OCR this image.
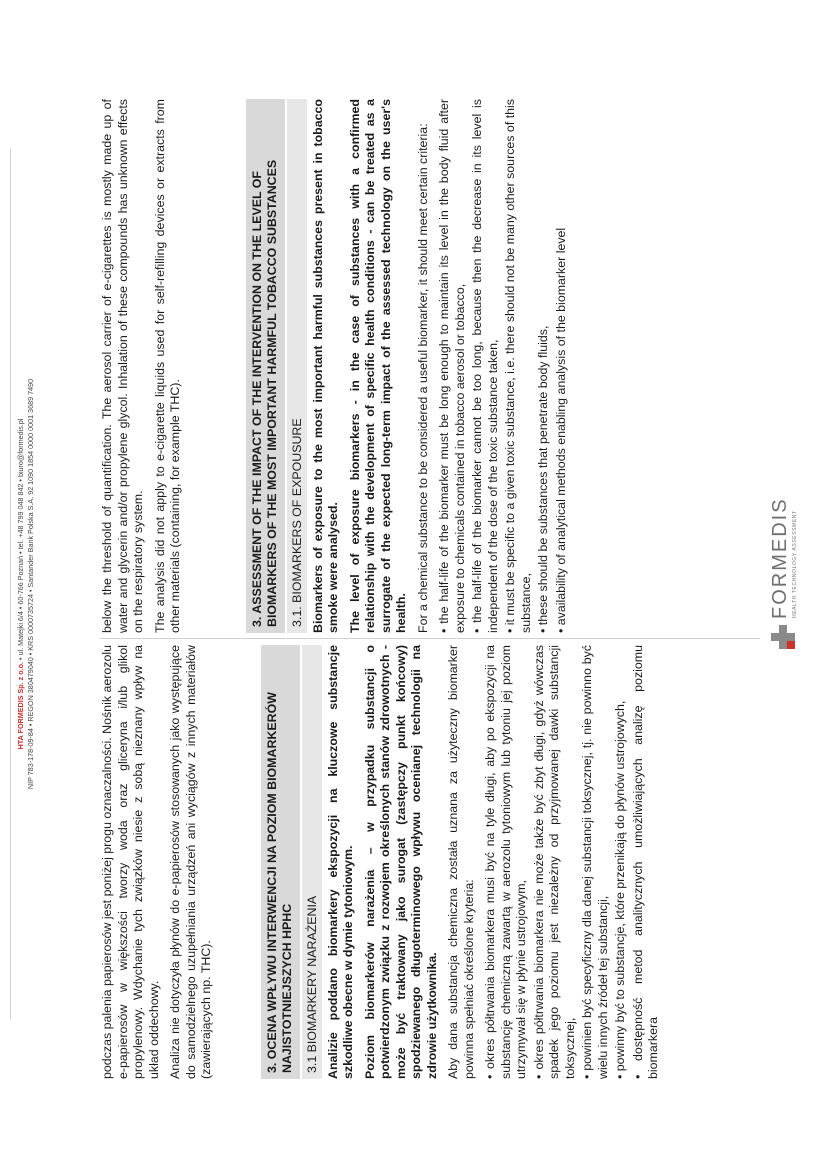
FORMEDIS HEALTH TECHNOLOGY ASSESSMENT

podczas palenia papierosów jest poniżej progu oznaczalności. Nośnik aerozolu e-papierosów w większości tworzy woda oraz gliceryna i/lub glikol propylenowy. Wdychanie tych związków niesie z sobą nieznany wpływ na układ oddechowy. Analiza nie dotyczyła płynów do e-papierosów stosowanych jako występujące do samodzielnego uzupełniania urządzeń ani wyciągów z innych materiałów (zawierających np. THC).	3. OCENA WPŁYWU INTERWENCJI NA POZIOM BIOMARKERÓW NAJISTOTNIEJSZYCH HPHC 3.1 BIOMARKERY NARAŻENIA Analizie poddano biomarkery ekspozycji na kluczowe substancje szkodliwe obecne w dymie tytoniowym. Poziom biomarkerów narażenia – w przypadku substancji o potwierdzonym związku z rozwojem określonych stanów zdrowotnych - może być traktowany jako surogat (zastępczy punkt końcowy) spodziewanego długoterminowego wpływu ocenianej technologii na zdrowie użytkownika. Aby dana substancja chemiczna została uznana za użyteczny biomarker powinna spełniać określone kryteria: • okres półtrwania biomarkera musi być na tyle długi, aby po ekspozycji na substancję chemiczną zawartą w aerozolu tytoniowym lub tytoniu jej poziom utrzymywał się w płynie ustrojowym, • okres półtrwania biomarkera nie może także być zbyt długi, gdyż wówczas spadek jego poziomu jest niezależny od przyjmowanej dawki substancji toksycznej, • powinien być specyficzny dla danej substancji toksycznej, tj. nie powinno być wielu innych źródeł tej substancji, • powinny być to substancje, które przenikają do płynów ustrojowych, • dostępność metod analitycznych umożliwiających analizę poziomu biomarkera

below the threshold of quantification. The aerosol carrier of e-cigarettes is mostly made up of water and glycerin and/or propylene glycol. Inhalation of these compounds has unknown effects on the respiratory system. The analysis did not apply to e-cigarette liquids used for self-refilling devices or extracts from other materials (containing, for example THC).	3. ASSESSMENT OF THE IMPACT OF THE INTERVENTION ON THE LEVEL OF BIOMARKERS OF THE MOST IMPORTANT HARMFUL TOBACCO SUBSTANCES 3.1. BIOMARKERS OF EXPOUSURE Biomarkers of exposure to the most important harmful substances present in tobacco smoke were analysed. The level of exposure biomarkers - in the case of substances with a confirmed relationship with the development of specific health conditions - can be treated as a surrogate of the expected long-term impact of the assessed technology on the user's health. For a chemical substance to be considered a useful biomarker, it should meet certain criteria: • the half-life of the biomarker must be long enough to maintain its level in the body fluid after exposure to chemicals contained in tobacco aerosol or tobacco, • the half-life of the biomarker cannot be too long, because then the decrease in its level is independent of the dose of the toxic substance taken, • it must be specific to a given toxic substance, i.e. there should not be many other sources of this substance, • these should be substances that penetrate body fluids, • availability of analytical methods enabling analysis of the biomarker level
HTA FORMEDIS Sp. z o.o. • ul. Matejki 6/4 • 60-766 Poznań • tel. +48 799 048 842 • biuro@formedis.pl NIP 783-178-09-84 • REGON 380479040 • KRS 0000735724 • Santander Bank Polska S.A. 92 1090 1854 0000 0001 3689 7490
